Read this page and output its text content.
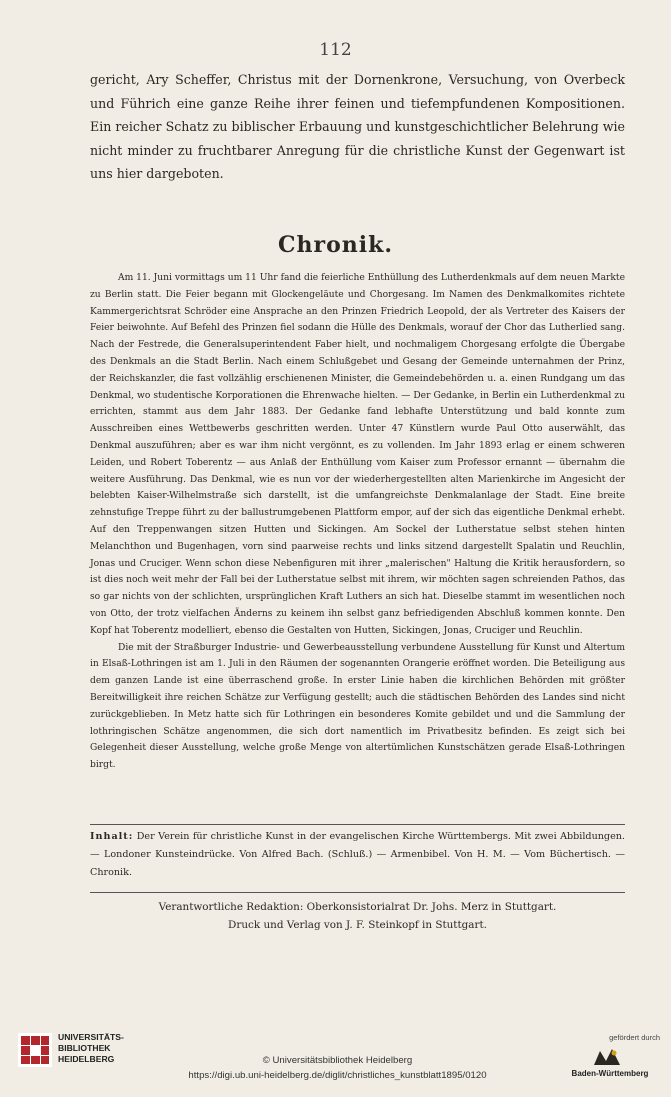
112

gericht, Ary Scheffer, Christus mit der Dornenkrone, Versuchung, von Overbeck und Führich eine ganze Reihe ihrer feinen und tiefempfundenen Kompositionen. Ein reicher Schatz zu biblischer Erbauung und kunstgeschichtlicher Belehrung wie nicht minder zu fruchtbarer Anregung für die christliche Kunst der Gegenwart ist uns hier dargeboten.

Chronik.

Am 11. Juni vormittags um 11 Uhr fand die feierliche Enthüllung des Lutherdenkmals auf dem neuen Markte zu Berlin statt. Die Feier begann mit Glockengeläute und Chorgesang. Im Namen des Denkmalkomites richtete Kammergerichtsrat Schröder eine Ansprache an den Prinzen Friedrich Leopold, der als Vertreter des Kaisers der Feier beiwohnte. Auf Befehl des Prinzen fiel sodann die Hülle des Denkmals, worauf der Chor das Lutherlied sang. Nach der Festrede, die Generalsuperintendent Faber hielt, und nochmaligem Chorgesang erfolgte die Übergabe des Denkmals an die Stadt Berlin. Nach einem Schlußgebet und Gesang der Gemeinde unternahmen der Prinz, der Reichskanzler, die fast vollzählig erschienenen Minister, die Gemeindebehörden u. a. einen Rundgang um das Denkmal, wo studentische Korporationen die Ehrenwache hielten. — Der Gedanke, in Berlin ein Lutherdenkmal zu errichten, stammt aus dem Jahr 1883. Der Gedanke fand lebhafte Unterstützung und bald konnte zum Ausschreiben eines Wettbewerbs geschritten werden. Unter 47 Künstlern wurde Paul Otto auserwählt, das Denkmal auszuführen; aber es war ihm nicht vergönnt, es zu vollenden. Im Jahr 1893 erlag er einem schweren Leiden, und Robert Toberentz — aus Anlaß der Enthüllung vom Kaiser zum Professor ernannt — übernahm die weitere Ausführung. Das Denkmal, wie es nun vor der wiederhergestellten alten Marienkirche im Angesicht der belebten Kaiser-Wilhelmstraße sich darstellt, ist die umfangreichste Denkmalanlage der Stadt. Eine breite zehnstufige Treppe führt zu der ballustrumgebenen Plattform empor, auf der sich das eigentliche Denkmal erhebt. Auf den Treppenwangen sitzen Hutten und Sickingen. Am Sockel der Lutherstatue selbst stehen hinten Melanchthon und Bugenhagen, vorn sind paarweise rechts und links sitzend dargestellt Spalatin und Reuchlin, Jonas und Cruciger. Wenn schon diese Nebenfiguren mit ihrer „malerischen" Haltung die Kritik herausfordern, so ist dies noch weit mehr der Fall bei der Lutherstatue selbst mit ihrem, wir möchten sagen schreienden Pathos, das so gar nichts von der schlichten, ursprünglichen Kraft Luthers an sich hat. Dieselbe stammt im wesentlichen noch von Otto, der trotz vielfachen Änderns zu keinem ihn selbst ganz befriedigenden Abschluß kommen konnte. Den Kopf hat Toberentz modelliert, ebenso die Gestalten von Hutten, Sickingen, Jonas, Cruciger und Reuchlin.

Die mit der Straßburger Industrie- und Gewerbeausstellung verbundene Ausstellung für Kunst und Altertum in Elsaß-Lothringen ist am 1. Juli in den Räumen der sogenannten Orangerie eröffnet worden. Die Beteiligung aus dem ganzen Lande ist eine überraschend große. In erster Linie haben die kirchlichen Behörden mit größter Bereitwilligkeit ihre reichen Schätze zur Verfügung gestellt; auch die städtischen Behörden des Landes sind nicht zurückgeblieben. In Metz hatte sich für Lothringen ein besonderes Komite gebildet und und die Sammlung der lothringischen Schätze angenommen, die sich dort namentlich im Privatbesitz befinden. Es zeigt sich bei Gelegenheit dieser Ausstellung, welche große Menge von altertümlichen Kunstschätzen gerade Elsaß-Lothringen birgt.

Inhalt: Der Verein für christliche Kunst in der evangelischen Kirche Württembergs. Mit zwei Abbildungen. — Londoner Kunsteindrücke. Von Alfred Bach. (Schluß.) — Armenbibel. Von H. M. — Vom Büchertisch. — Chronik.

Verantwortliche Redaktion: Oberkonsistorialrat Dr. Johs. Merz in Stuttgart.
Druck und Verlag von J. F. Steinkopf in Stuttgart.
UNIVERSITÄTS-BIBLIOTHEK HEIDELBERG	© Universitätsbibliothek Heidelberg
https://digi.ub.uni-heidelberg.de/diglit/christliches_kunstblatt1895/0120
gefördert durch
Baden-Württemberg
